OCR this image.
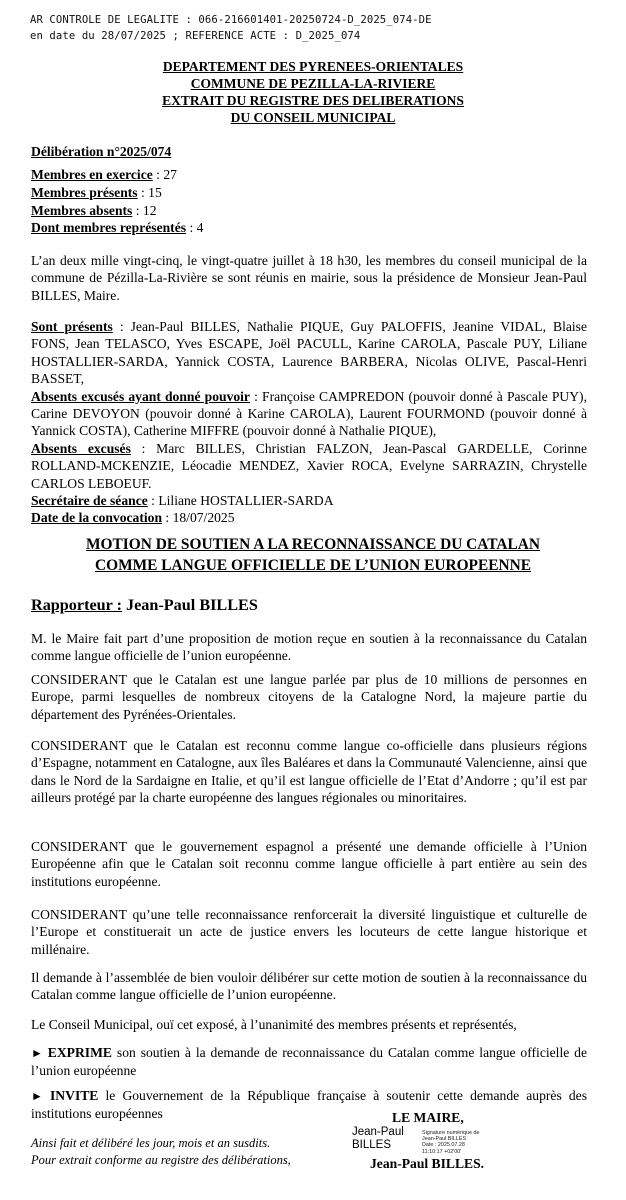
AR CONTROLE DE LEGALITE : 066-216601401-20250724-D_2025_074-DE
en date du 28/07/2025 ; REFERENCE ACTE : D_2025_074
DEPARTEMENT DES PYRENEES-ORIENTALES
COMMUNE DE PEZILLA-LA-RIVIERE
EXTRAIT DU REGISTRE DES DELIBERATIONS
DU CONSEIL MUNICIPAL
Délibération n°2025/074
Membres en exercice : 27
Membres présents : 15
Membres absents : 12
Dont membres représentés : 4
L’an deux mille vingt-cinq, le vingt-quatre juillet à 18 h30, les membres du conseil municipal de la commune de Pézilla-La-Rivière se sont réunis en mairie, sous la présidence de Monsieur Jean-Paul BILLES, Maire.
Sont présents : Jean-Paul BILLES, Nathalie PIQUE, Guy PALOFFIS, Jeanine VIDAL, Blaise FONS, Jean TELASCO, Yves ESCAPE, Joël PACULL, Karine CAROLA, Pascale PUY, Liliane HOSTALLIER-SARDA, Yannick COSTA, Laurence BARBERA, Nicolas OLIVE, Pascal-Henri BASSET,
Absents excusés ayant donné pouvoir : Françoise CAMPREDON (pouvoir donné à Pascale PUY), Carine DEVOYON (pouvoir donné à Karine CAROLA), Laurent FOURMOND (pouvoir donné à Yannick COSTA), Catherine MIFFRE (pouvoir donné à Nathalie PIQUE),
Absents excusés : Marc BILLES, Christian FALZON, Jean-Pascal GARDELLE, Corinne ROLLAND-MCKENZIE, Léocadie MENDEZ, Xavier ROCA, Evelyne SARRAZIN, Chrystelle CARLOS LEBOEUF.
Secrétaire de séance : Liliane HOSTALLIER-SARDA
Date de la convocation : 18/07/2025
MOTION DE SOUTIEN A LA RECONNAISSANCE DU CATALAN
COMME LANGUE OFFICIELLE DE L’UNION EUROPEENNE
Rapporteur : Jean-Paul BILLES
M. le Maire fait part d’une proposition de motion reçue en soutien à la reconnaissance du Catalan comme langue officielle de l’union européenne.
CONSIDERANT que le Catalan est une langue parlée par plus de 10 millions de personnes en Europe, parmi lesquelles de nombreux citoyens de la Catalogne Nord, la majeure partie du département des Pyrénées-Orientales.
CONSIDERANT que le Catalan est reconnu comme langue co-officielle dans plusieurs régions d’Espagne, notamment en Catalogne, aux îles Baléares et dans la Communauté Valencienne, ainsi que dans le Nord de la Sardaigne en Italie, et qu’il est langue officielle de l’Etat d’Andorre ; qu’il est par ailleurs protégé par la charte européenne des langues régionales ou minoritaires.
CONSIDERANT que le gouvernement espagnol a présenté une demande officielle à l’Union Européenne afin que le Catalan soit reconnu comme langue officielle à part entière au sein des institutions européenne.
CONSIDERANT qu’une telle reconnaissance renforcerait la diversité linguistique et culturelle de l’Europe et constituerait un acte de justice envers les locuteurs de cette langue historique et millénaire.
Il demande à l’assemblée de bien vouloir délibérer sur cette motion de soutien à la reconnaissance du Catalan comme langue officielle de l’union européenne.
Le Conseil Municipal, ouï cet exposé, à l’unanimité des membres présents et représentés,
► EXPRIME son soutien à la demande de reconnaissance du Catalan comme langue officielle de l’union européenne
► INVITE le Gouvernement de la République française à soutenir cette demande auprès des institutions européennes
Ainsi fait et délibéré les jour, mois et an susdits.
Pour extrait conforme au registre des délibérations,
LE MAIRE,
Jean-Paul
BILLES
Signature numérique de
Jean-Paul BILLES
Date : 2025.07.28
11:10:17 +02'00'
Jean-Paul BILLES.
